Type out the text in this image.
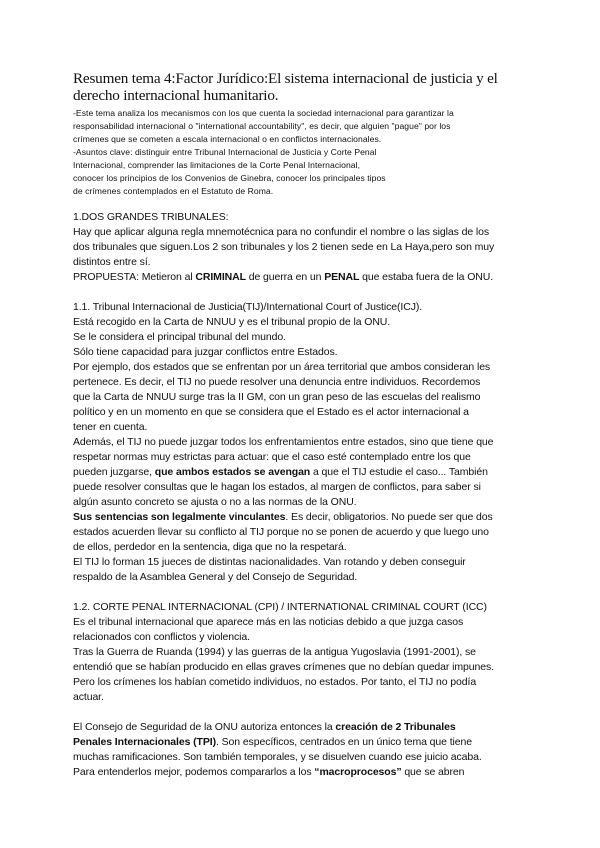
Resumen tema 4:Factor Jurídico:El sistema internacional de justicia y el
derecho internacional humanitario.

-Este tema analiza los mecanismos con los que cuenta la sociedad internacional para garantizar la

responsabilidad internacional o "international accountability", es decir, que alguien "pague" por los

crímenes que se cometen a escala internacional o en conflictos internacionales.

-Asuntos clave: distinguir entre Tribunal Internacional de Justicia y Corte Penal

Internacional, comprender las limitaciones de la Corte Penal Internacional,

conocer los principios de los Convenios de Ginebra, conocer los principales tipos

de crímenes contemplados en el Estatuto de Roma.

1.DOS GRANDES TRIBUNALES:

Hay que aplicar alguna regla mnemotécnica para no confundir el nombre o las siglas de los

dos tribunales que siguen.Los 2 son tribunales y los 2 tienen sede en La Haya,pero son muy

distintos entre sí.

PROPUESTA: Metieron al CRIMINAL de guerra en un PENAL que estaba fuera de la ONU.

1.1. Tribunal Internacional de Justicia(TIJ)/International Court of Justice(ICJ).

Está recogido en la Carta de NNUU y es el tribunal propio de la ONU.

Se le considera el principal tribunal del mundo.

Sólo tiene capacidad para juzgar conflictos entre Estados.

Por ejemplo, dos estados que se enfrentan por un área territorial que ambos consideran les

pertenece. Es decir, el TIJ no puede resolver una denuncia entre individuos. Recordemos

que la Carta de NNUU surge tras la II GM, con un gran peso de las escuelas del realismo

político y en un momento en que se considera que el Estado es el actor internacional a

tener en cuenta.

Además, el TIJ no puede juzgar todos los enfrentamientos entre estados, sino que tiene que

respetar normas muy estrictas para actuar: que el caso esté contemplado entre los que

pueden juzgarse, que ambos estados se avengan a que el TIJ estudie el caso... También

puede resolver consultas que le hagan los estados, al margen de conflictos, para saber si

algún asunto concreto se ajusta o no a las normas de la ONU.

Sus sentencias son legalmente vinculantes. Es decir, obligatorios. No puede ser que dos

estados acuerden llevar su conflicto al TIJ porque no se ponen de acuerdo y que luego uno

de ellos, perdedor en la sentencia, diga que no la respetará.

El TIJ lo forman 15 jueces de distintas nacionalidades. Van rotando y deben conseguir

respaldo de la Asamblea General y del Consejo de Seguridad.

1.2. CORTE PENAL INTERNACIONAL (CPI) / INTERNATIONAL CRIMINAL COURT (ICC)

Es el tribunal internacional que aparece más en las noticias debido a que juzga casos

relacionados con conflictos y violencia.

Tras la Guerra de Ruanda (1994) y las guerras de la antigua Yugoslavia (1991-2001), se

entendió que se habían producido en ellas graves crímenes que no debían quedar impunes.

Pero los crímenes los habían cometido individuos, no estados. Por tanto, el TIJ no podía

actuar.

El Consejo de Seguridad de la ONU autoriza entonces la creación de 2 Tribunales

Penales Internacionales (TPI). Son específicos, centrados en un único tema que tiene

muchas ramificaciones. Son también temporales, y se disuelven cuando ese juicio acaba.

Para entenderlos mejor, podemos compararlos a los “macroprocesos” que se abren
